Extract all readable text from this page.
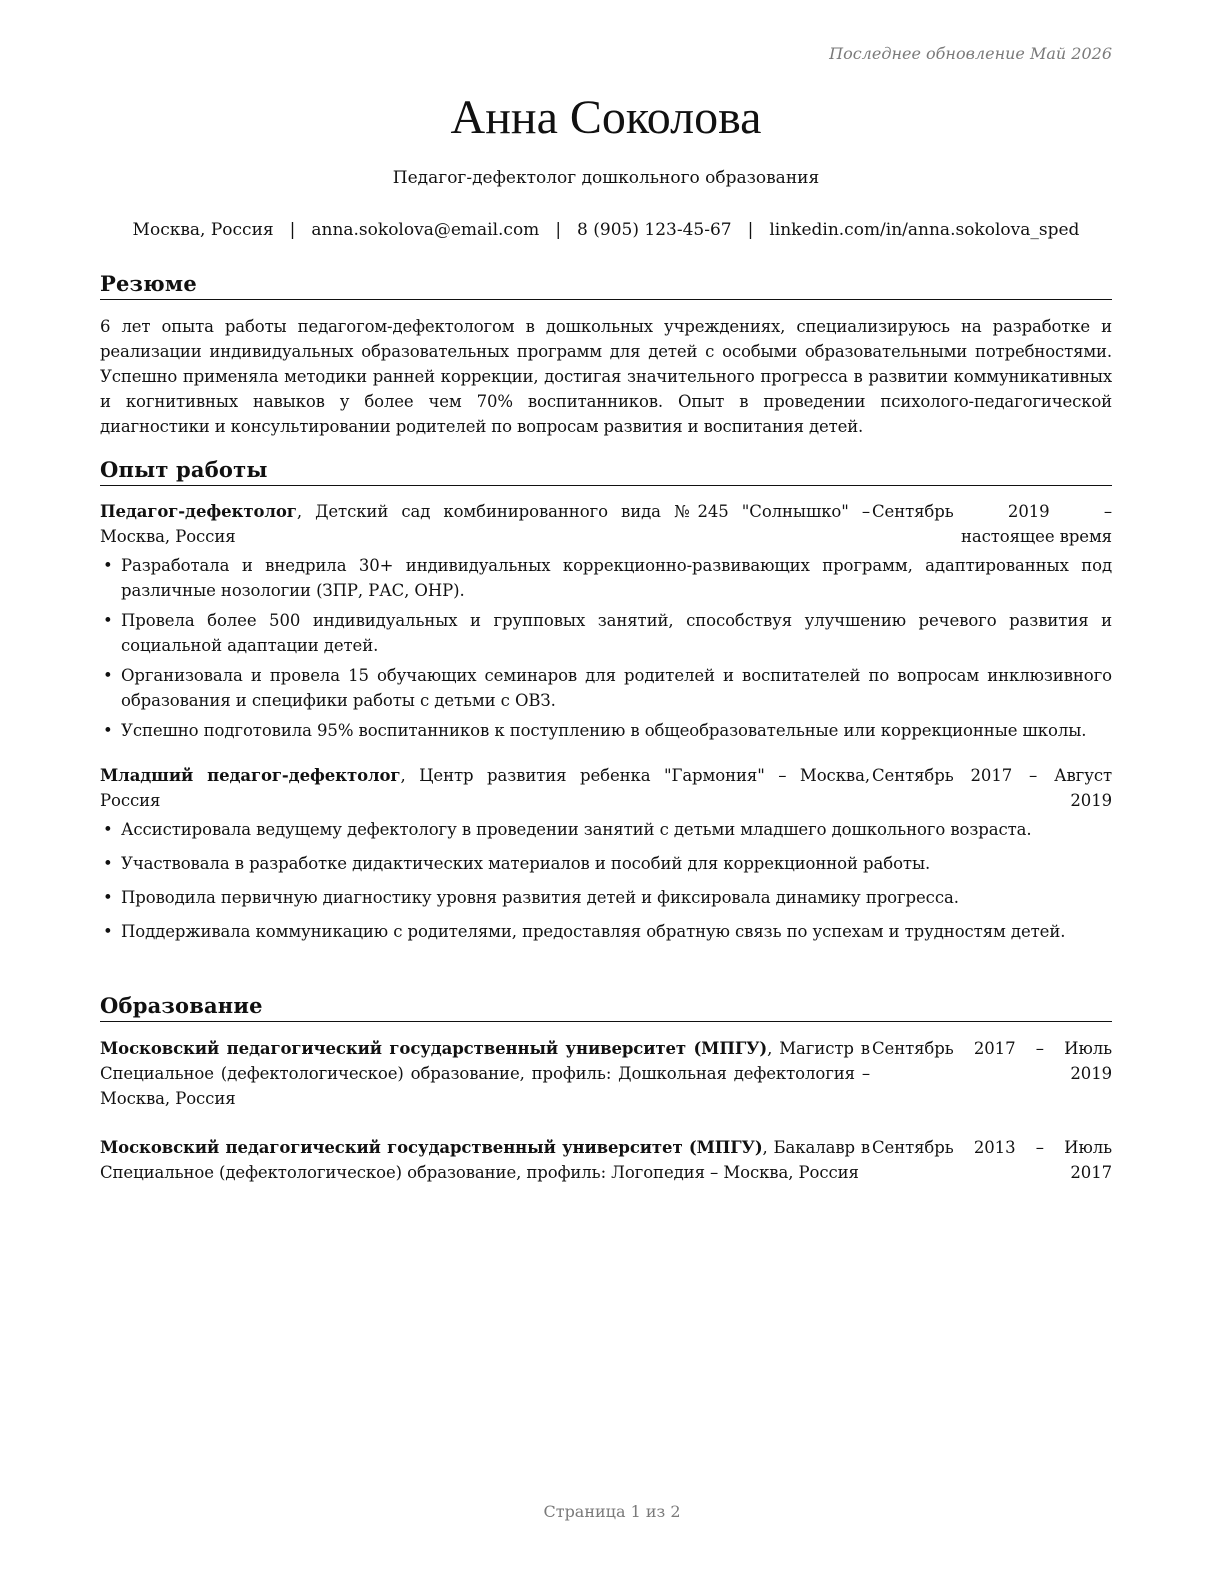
Последнее обновление Май 2026
Анна Соколова
Педагог-дефектолог дошкольного образования
Москва, Россия | anna.sokolova@email.com | 8 (905) 123-45-67 | linkedin.com/in/anna.sokolova_sped
Резюме

6 лет опыта работы педагогом-дефектологом в дошкольных учреждениях, специализируюсь на разработке и реализации индивидуальных образовательных программ для детей с особыми образовательными потребностями. Успешно применяла методики ранней коррекции, достигая значительного прогресса в развитии коммуникативных и когнитивных навыков у более чем 70% воспитанников. Опыт в проведении психолого-педагогической диагностики и консультировании родителей по вопросам развития и воспитания детей.

Опыт работы
Педагог-дефектолог, Детский сад комбинированного вида №245 "Солнышко" – Москва, Россия
Сентябрь 2019 – настоящее время
• Разработала и внедрила 30+ индивидуальных коррекционно-развивающих программ, адаптированных под различные нозологии (ЗПР, РАС, ОНР).
• Провела более 500 индивидуальных и групповых занятий, способствуя улучшению речевого развития и социальной адаптации детей.
• Организовала и провела 15 обучающих семинаров для родителей и воспитателей по вопросам инклюзивного образования и специфики работы с детьми с ОВЗ.
• Успешно подготовила 95% воспитанников к поступлению в общеобразовательные или коррекционные школы.
Младший педагог-дефектолог, Центр развития ребенка "Гармония" – Москва, Россия
Сентябрь 2017 – Август 2019
• Ассистировала ведущему дефектологу в проведении занятий с детьми младшего дошкольного возраста.
• Участвовала в разработке дидактических материалов и пособий для коррекционной работы.
• Проводила первичную диагностику уровня развития детей и фиксировала динамику прогресса.
• Поддерживала коммуникацию с родителями, предоставляя обратную связь по успехам и трудностям детей.
Образование
Московский педагогический государственный университет (МПГУ), Магистр в Специальное (дефектологическое) образование, профиль: Дошкольная дефектология – Москва, Россия
Сентябрь 2017 – Июль 2019
Московский педагогический государственный университет (МПГУ), Бакалавр в Специальное (дефектологическое) образование, профиль: Логопедия – Москва, Россия
Сентябрь 2013 – Июль 2017
Страница 1 из 2
